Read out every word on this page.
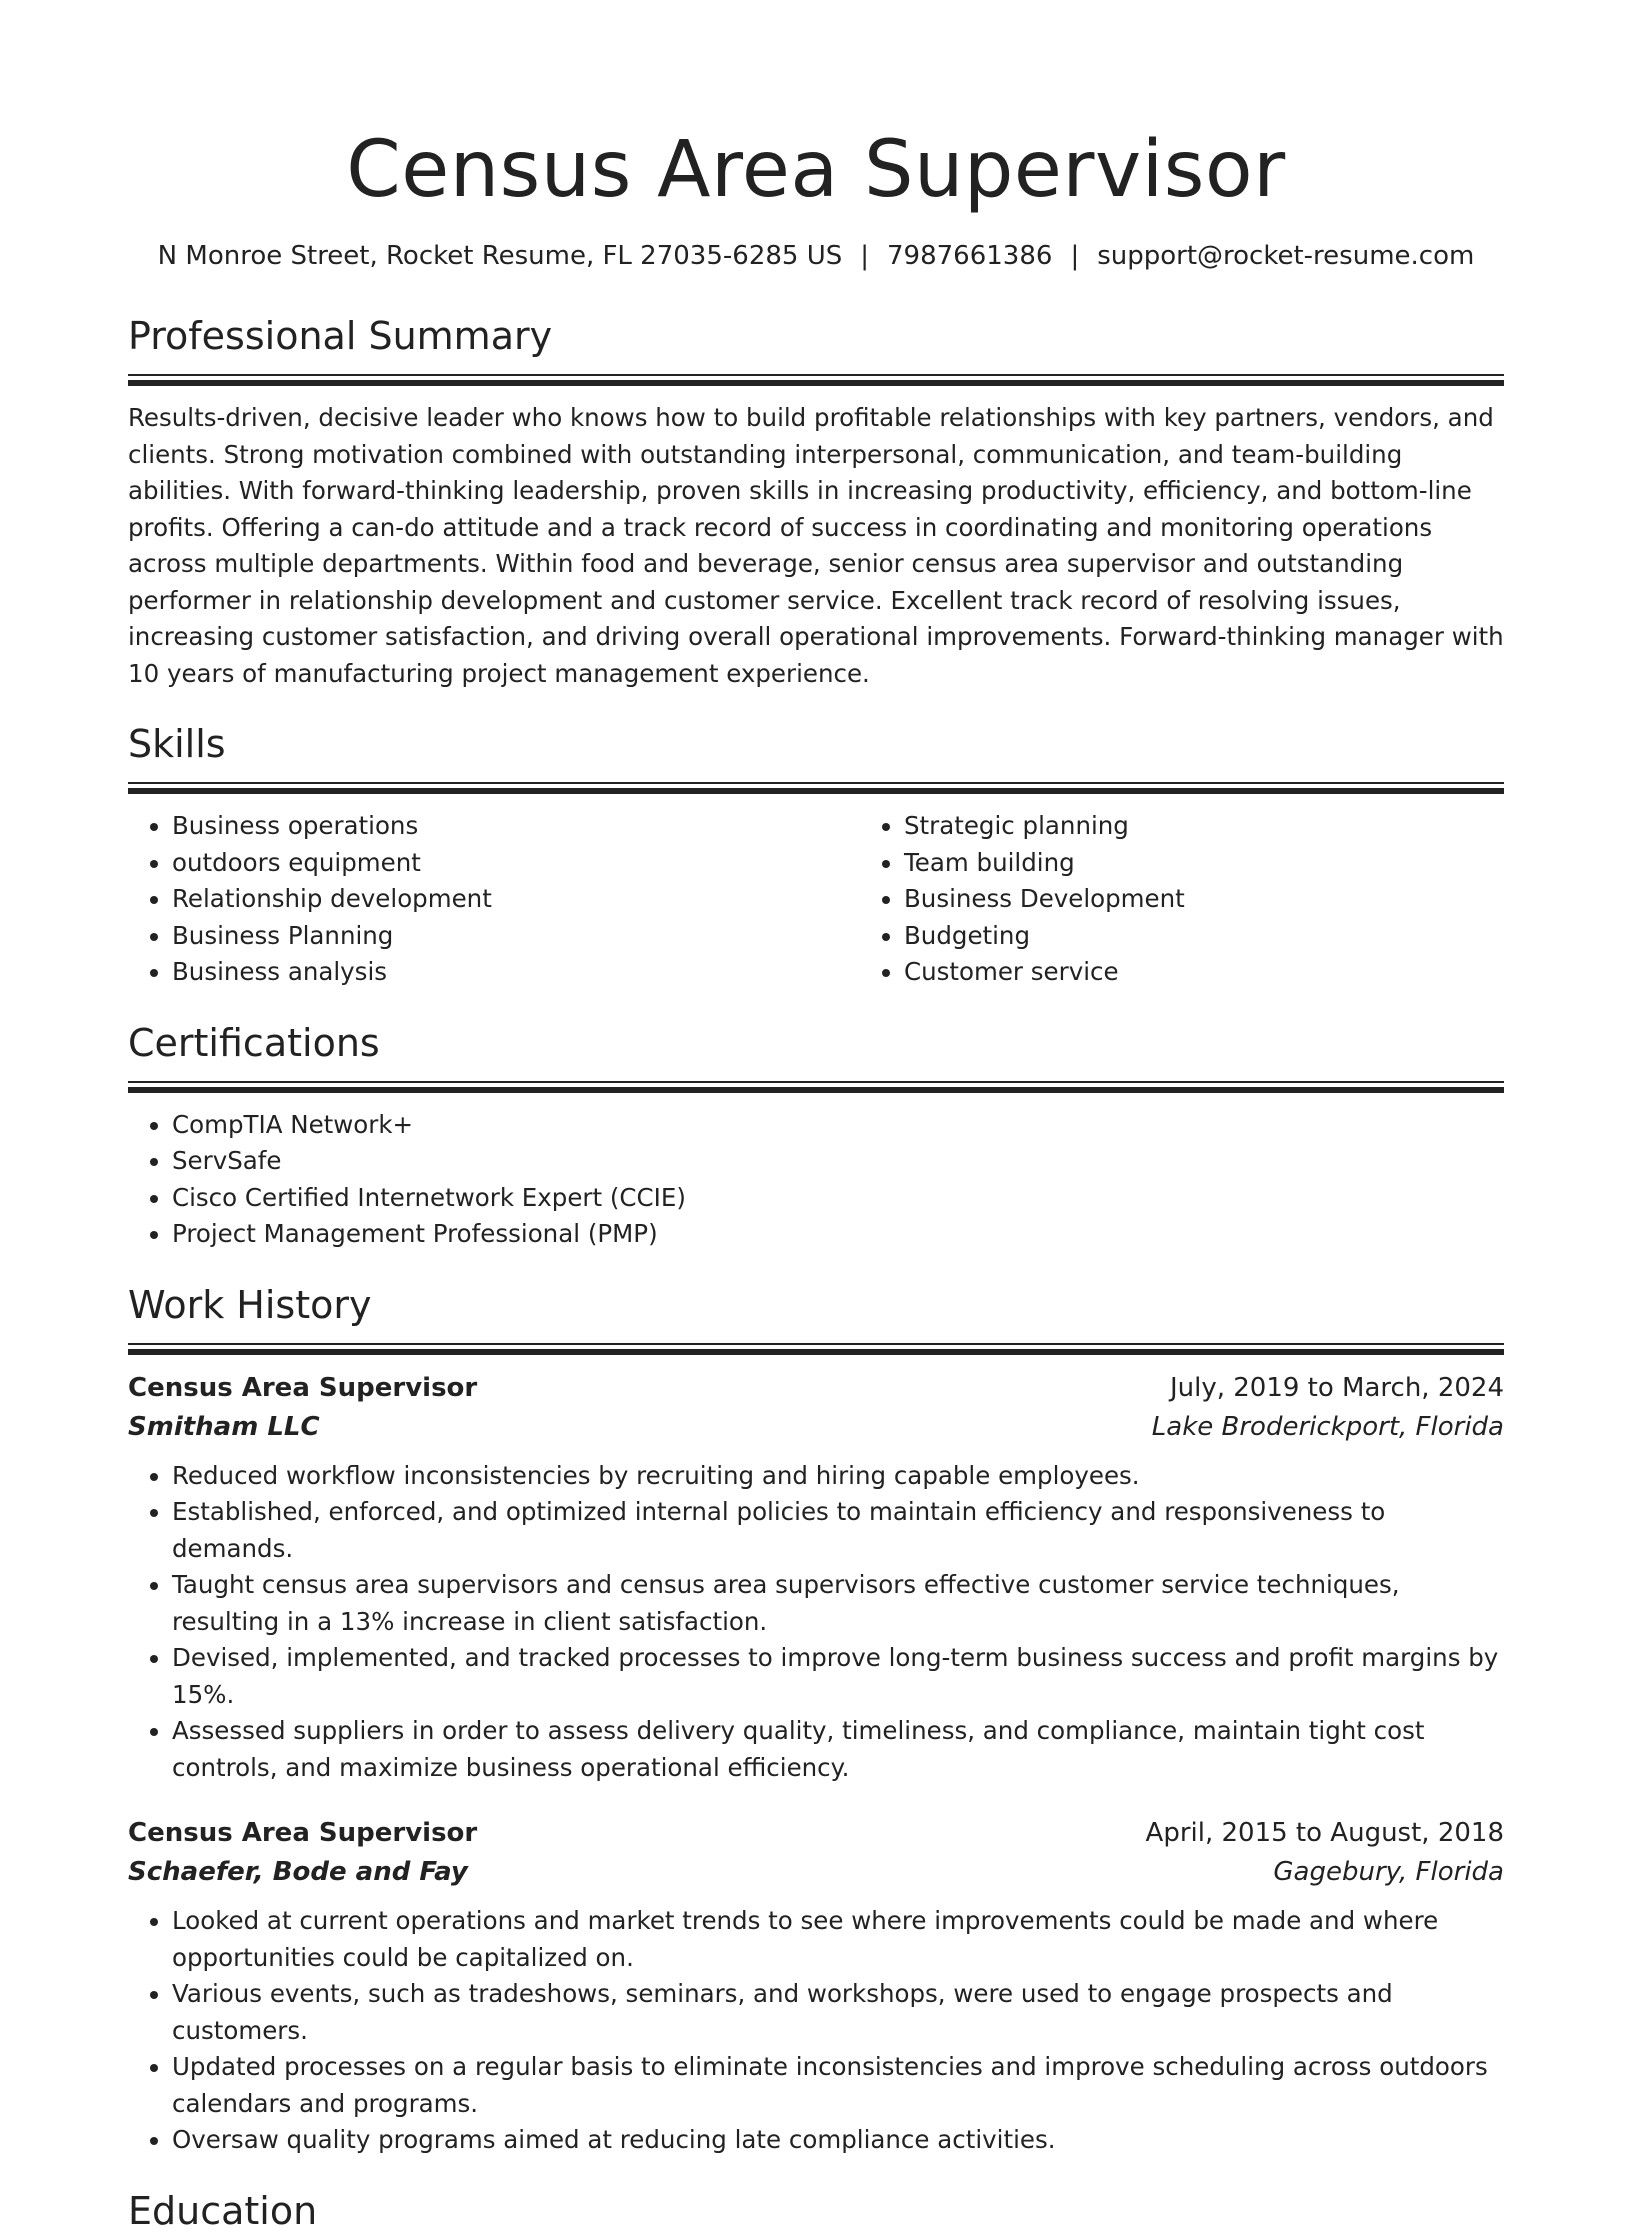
Census Area Supervisor
N Monroe Street, Rocket Resume, FL 27035-6285 US | 7987661386 | support@rocket-resume.com
Professional Summary

Results-driven, decisive leader who knows how to build profitable relationships with key partners, vendors, and clients. Strong motivation combined with outstanding interpersonal, communication, and team-building abilities. With forward-thinking leadership, proven skills in increasing productivity, efficiency, and bottom-line profits. Offering a can-do attitude and a track record of success in coordinating and monitoring operations across multiple departments. Within food and beverage, senior census area supervisor and outstanding performer in relationship development and customer service. Excellent track record of resolving issues, increasing customer satisfaction, and driving overall operational improvements. Forward-thinking manager with 10 years of manufacturing project management experience.

Skills
• Business operations
• outdoors equipment
• Relationship development
• Business Planning
• Business analysis
• Strategic planning
• Team building
• Business Development
• Budgeting
• Customer service
Certifications
• CompTIA Network+
• ServSafe
• Cisco Certified Internetwork Expert (CCIE)
• Project Management Professional (PMP)
Work History
Census Area Supervisor	July, 2019 to March, 2024
Smitham LLC	Lake Broderickport, Florida
• Reduced workflow inconsistencies by recruiting and hiring capable employees.
• Established, enforced, and optimized internal policies to maintain efficiency and responsiveness to demands.
• Taught census area supervisors and census area supervisors effective customer service techniques, resulting in a 13% increase in client satisfaction.
• Devised, implemented, and tracked processes to improve long-term business success and profit margins by 15%.
• Assessed suppliers in order to assess delivery quality, timeliness, and compliance, maintain tight cost controls, and maximize business operational efficiency.
Census Area Supervisor	April, 2015 to August, 2018
Schaefer, Bode and Fay	Gagebury, Florida
• Looked at current operations and market trends to see where improvements could be made and where opportunities could be capitalized on.
• Various events, such as tradeshows, seminars, and workshops, were used to engage prospects and customers.
• Updated processes on a regular basis to eliminate inconsistencies and improve scheduling across outdoors calendars and programs.
• Oversaw quality programs aimed at reducing late compliance activities.
Education
